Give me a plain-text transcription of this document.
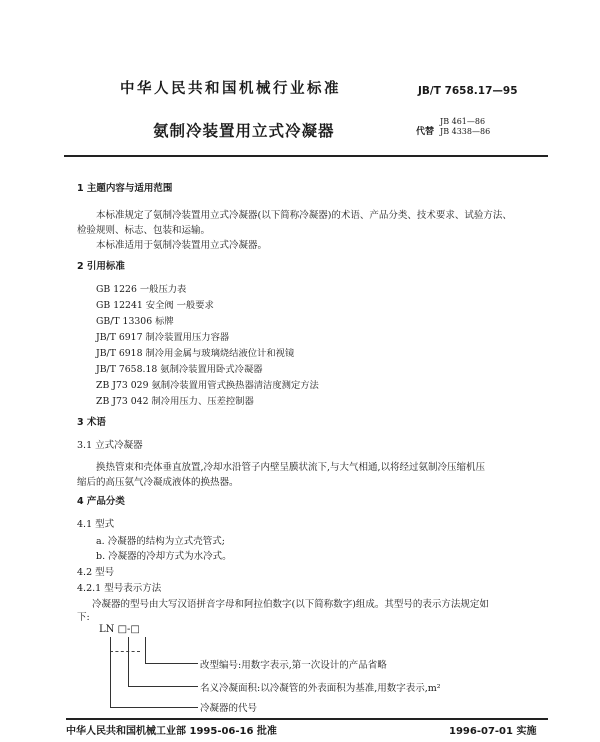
中华人民共和国机械行业标准	JB/T 7658.17—95
氨制冷装置用立式冷凝器	代替
JB 461—86
JB 4338—86
1 主题内容与适用范围
本标准规定了氨制冷装置用立式冷凝器(以下简称冷凝器)的术语、产品分类、技术要求、试验方法、
检验规则、标志、包装和运输。
本标准适用于氨制冷装置用立式冷凝器。
2 引用标准
GB 1226 一般压力表
GB 12241 安全阀 一般要求
GB/T 13306 标牌
JB/T 6917 制冷装置用压力容器
JB/T 6918 制冷用金属与玻璃烧结液位计和视镜
JB/T 7658.18 氨制冷装置用卧式冷凝器
ZB J73 029 氨制冷装置用管式换热器清洁度测定方法
ZB J73 042 制冷用压力、压差控制器
3 术语
3.1 立式冷凝器
换热管束和壳体垂直放置,冷却水沿管子内壁呈膜状流下,与大气相通,以将经过氨制冷压缩机压
缩后的高压氨气冷凝成液体的换热器。
4 产品分类
4.1 型式
a. 冷凝器的结构为立式壳管式;
b. 冷凝器的冷却方式为水冷式。
4.2 型号
4.2.1 型号表示方法
冷凝器的型号由大写汉语拼音字母和阿拉伯数字(以下简称数字)组成。其型号的表示方法规定如
下:
LN □-□
改型编号:用数字表示,第一次设计的产品省略
名义冷凝面积:以冷凝管的外表面积为基准,用数字表示,m²
冷凝器的代号
中华人民共和国机械工业部 1995-06-16 批准	1996-07-01 实施
